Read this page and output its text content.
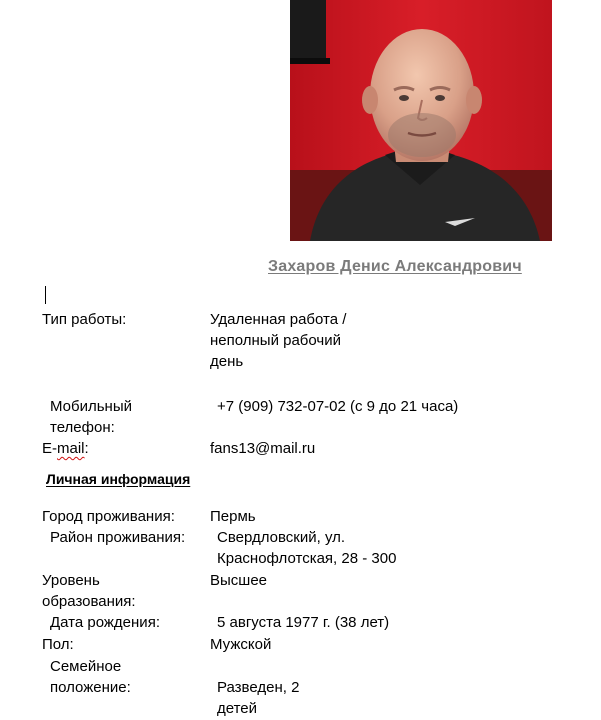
Захаров Денис Александрович
Тип работы:	Удаленная работа /
неполный рабочий
день
Мобильный
телефон:
+7 (909) 732-07-02 (с 9 до 21 часа)
E-mail:	fans13@mail.ru
Личная информация
Город проживания: Пермь
Район проживания: Свердловский, ул.
Краснофлотская, 28 - 300
Уровень
образования:
Высшее
Дата рождения:	5 августа 1977 г. (38 лет)
Пол:	Мужской
Семейное
положение:	Разведен, 2
детей
